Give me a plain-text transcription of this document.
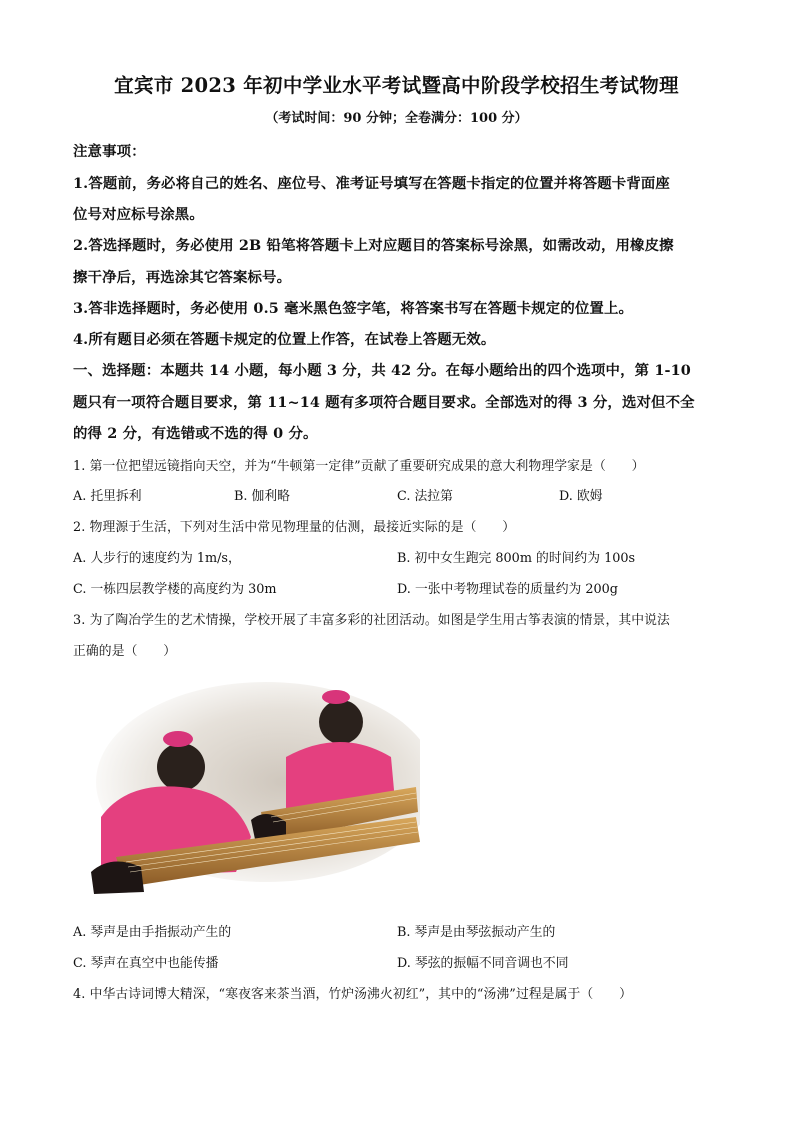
宜宾市 2023 年初中学业水平考试暨高中阶段学校招生考试物理
（考试时间：90 分钟；全卷满分：100 分）
注意事项：
1.答题前，务必将自己的姓名、座位号、准考证号填写在答题卡指定的位置并将答题卡背面座
位号对应标号涂黑。
2.答选择题时，务必使用 2B 铅笔将答题卡上对应题目的答案标号涂黑，如需改动，用橡皮擦
擦干净后，再选涂其它答案标号。
3.答非选择题时，务必使用 0.5 毫米黑色签字笔，将答案书写在答题卡规定的位置上。
4.所有题目必须在答题卡规定的位置上作答，在试卷上答题无效。
一、选择题：本题共 14 小题，每小题 3 分，共 42 分。在每小题给出的四个选项中，第 1-10
题只有一项符合题目要求，第 11~14 题有多项符合题目要求。全部选对的得 3 分，选对但不全
的得 2 分，有选错或不选的得 0 分。
1. 第一位把望远镜指向天空，并为“牛顿第一定律”贡献了重要研究成果的意大利物理学家是（　　）
A. 托里拆利	B. 伽利略	C. 法拉第	D. 欧姆
2. 物理源于生活，下列对生活中常见物理量的估测，最接近实际的是（　　）
A. 人步行的速度约为 1m/s，	B. 初中女生跑完 800m 的时间约为 100s
C. 一栋四层教学楼的高度约为 30m	D. 一张中考物理试卷的质量约为 200g
3. 为了陶冶学生的艺术情操，学校开展了丰富多彩的社团活动。如图是学生用古筝表演的情景，其中说法
正确的是（　　）
A. 琴声是由手指振动产生的	B. 琴声是由琴弦振动产生的
C. 琴声在真空中也能传播	D. 琴弦的振幅不同音调也不同
4. 中华古诗词博大精深，“寒夜客来茶当酒，竹炉汤沸火初红”，其中的“汤沸”过程是属于（　　）
